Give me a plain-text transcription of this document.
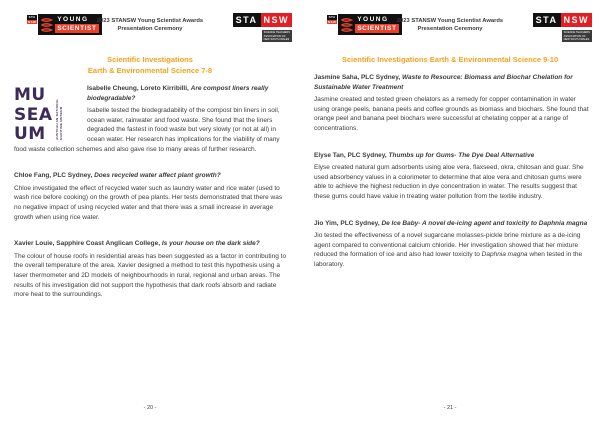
STA
NSW	YOUNG
SCIENTIST
2023 STANSW Young Scientist Awards
Presentation Ceremony
STA NSW
SCIENCE TEACHERS
ASSOCIATION OF
NEW SOUTH WALES
Scientific Investigations
Earth & Environmental Science 7-8
MU
SEA
UM	AUSTRALIAN NATIONAL MARITIME MUSEUM

Isabelle Cheung, Loreto Kirribilli, Are compost liners really biodegradable?

Isabelle tested the biodegradability of the compost bin liners in soil, ocean water, rainwater and food waste. She found that the liners degraded the fastest in food waste but very slowly (or not at all) in ocean water. Her research has implications for the viability of many food waste collection schemes and also gave rise to many areas of further research.

Chloe Fang, PLC Sydney, Does recycled water affect plant growth?

Chloe investigated the effect of recycled water such as laundry water and rice water (used to wash rice before cooking) on the growth of pea plants. Her tests demonstrated that there was no negative impact of using recycled water and that there was a small increase in average growth when using rice water.

Xavier Louie, Sapphire Coast Anglican College, Is your house on the dark side?

The colour of house roofs in residential areas has been suggested as a factor in contributing to the overall temperature of the area. Xavier designed a method to test this hypothesis using a laser thermometer and 2D models of neighbourhoods in rural, regional and urban areas. The results of his investigation did not support the hypothesis that dark roofs absorb and radiate more heat to the surroundings.

- 20 -
STA
NSW	YOUNG
SCIENTIST
2023 STANSW Young Scientist Awards
Presentation Ceremony
STA NSW
SCIENCE TEACHERS
ASSOCIATION OF
NEW SOUTH WALES
Scientific Investigations Earth & Environmental Science 9-10

Jasmine Saha, PLC Sydney, Waste to Resource: Biomass and Biochar Chelation for Sustainable Water Treatment

Jasmine created and tested green chelators as a remedy for copper contamination in water using orange peels, banana peels and coffee grounds as biomass and biochars. She found that orange peel and banana peel biochars were successful at chelating copper at a range of concentrations.

Elyse Tan, PLC Sydney, Thumbs up for Gums- The Dye Deal Alternative

Elyse created natural gum adsorbents using aloe vera, flaxseed, okra, chitosan and guar. She used absorbency values in a colorimeter to determine that aloe vera and chitosan gums were able to achieve the highest reduction in dye concentration in water. The results suggest that these gums could have value in treating water pollution from the textile industry.

Jio Yim, PLC Sydney, De Ice Baby- A novel de-icing agent and toxicity to Daphnia magna

Jio tested the effectiveness of a novel sugarcane molasses-pickle brine mixture as a de-icing agent compared to conventional calcium chloride. Her investigation showed that her mixture reduced the formation of ice and also had lower toxicity to Daphnia magna when tested in the laboratory.

- 21 -
